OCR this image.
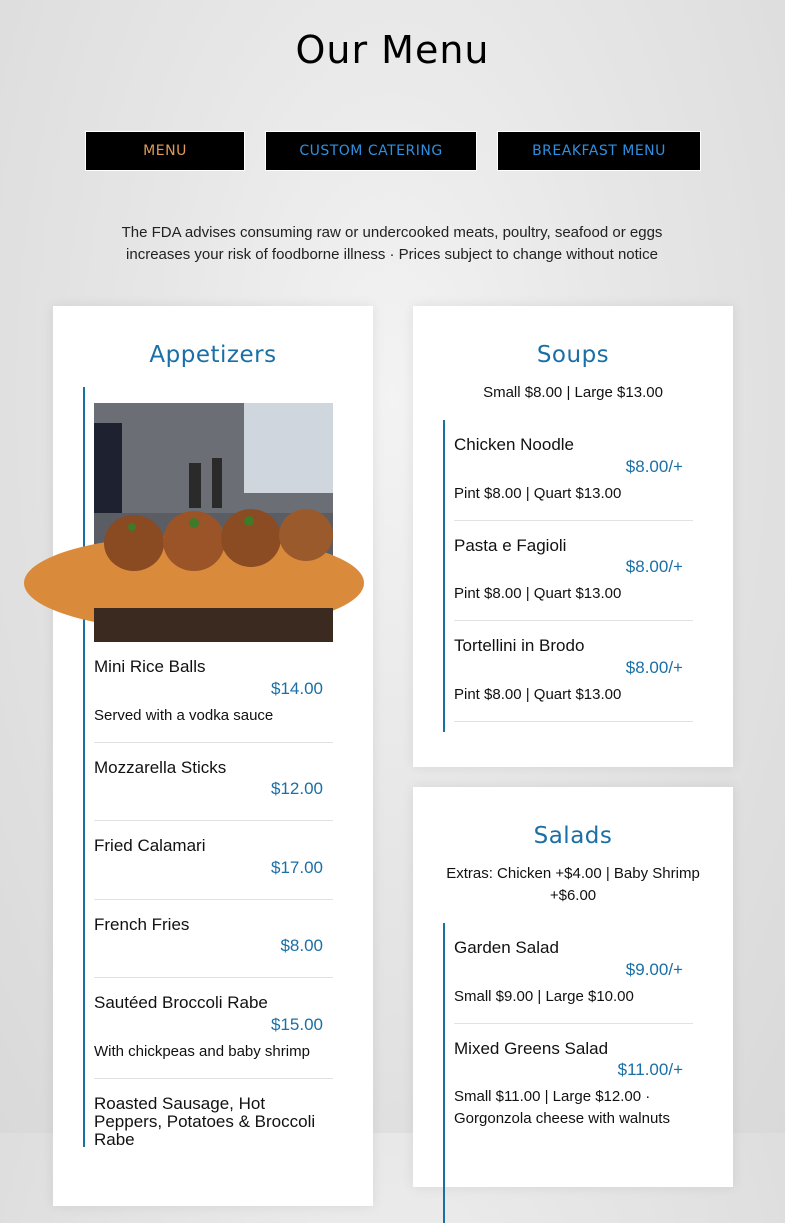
Our Menu
MENU	CUSTOM CATERING	BREAKFAST MENU
The FDA advises consuming raw or undercooked meats, poultry, seafood or eggs increases your risk of foodborne illness · Prices subject to change without notice
Appetizers
Mini Rice Balls
$14.00
Served with a vodka sauce
Mozzarella Sticks
$12.00
Fried Calamari
$17.00
French Fries
$8.00
Sautéed Broccoli Rabe
$15.00
With chickpeas and baby shrimp
Roasted Sausage, Hot Peppers, Potatoes & Broccoli Rabe
Soups
Small $8.00 | Large $13.00
Chicken Noodle
$8.00/+
Pint $8.00 | Quart $13.00
Pasta e Fagioli
$8.00/+
Pint $8.00 | Quart $13.00
Tortellini in Brodo
$8.00/+
Pint $8.00 | Quart $13.00
Salads
Extras: Chicken +$4.00 | Baby Shrimp +$6.00
Garden Salad
$9.00/+
Small $9.00 | Large $10.00
Mixed Greens Salad
$11.00/+
Small $11.00 | Large $12.00 · Gorgonzola cheese with walnuts
